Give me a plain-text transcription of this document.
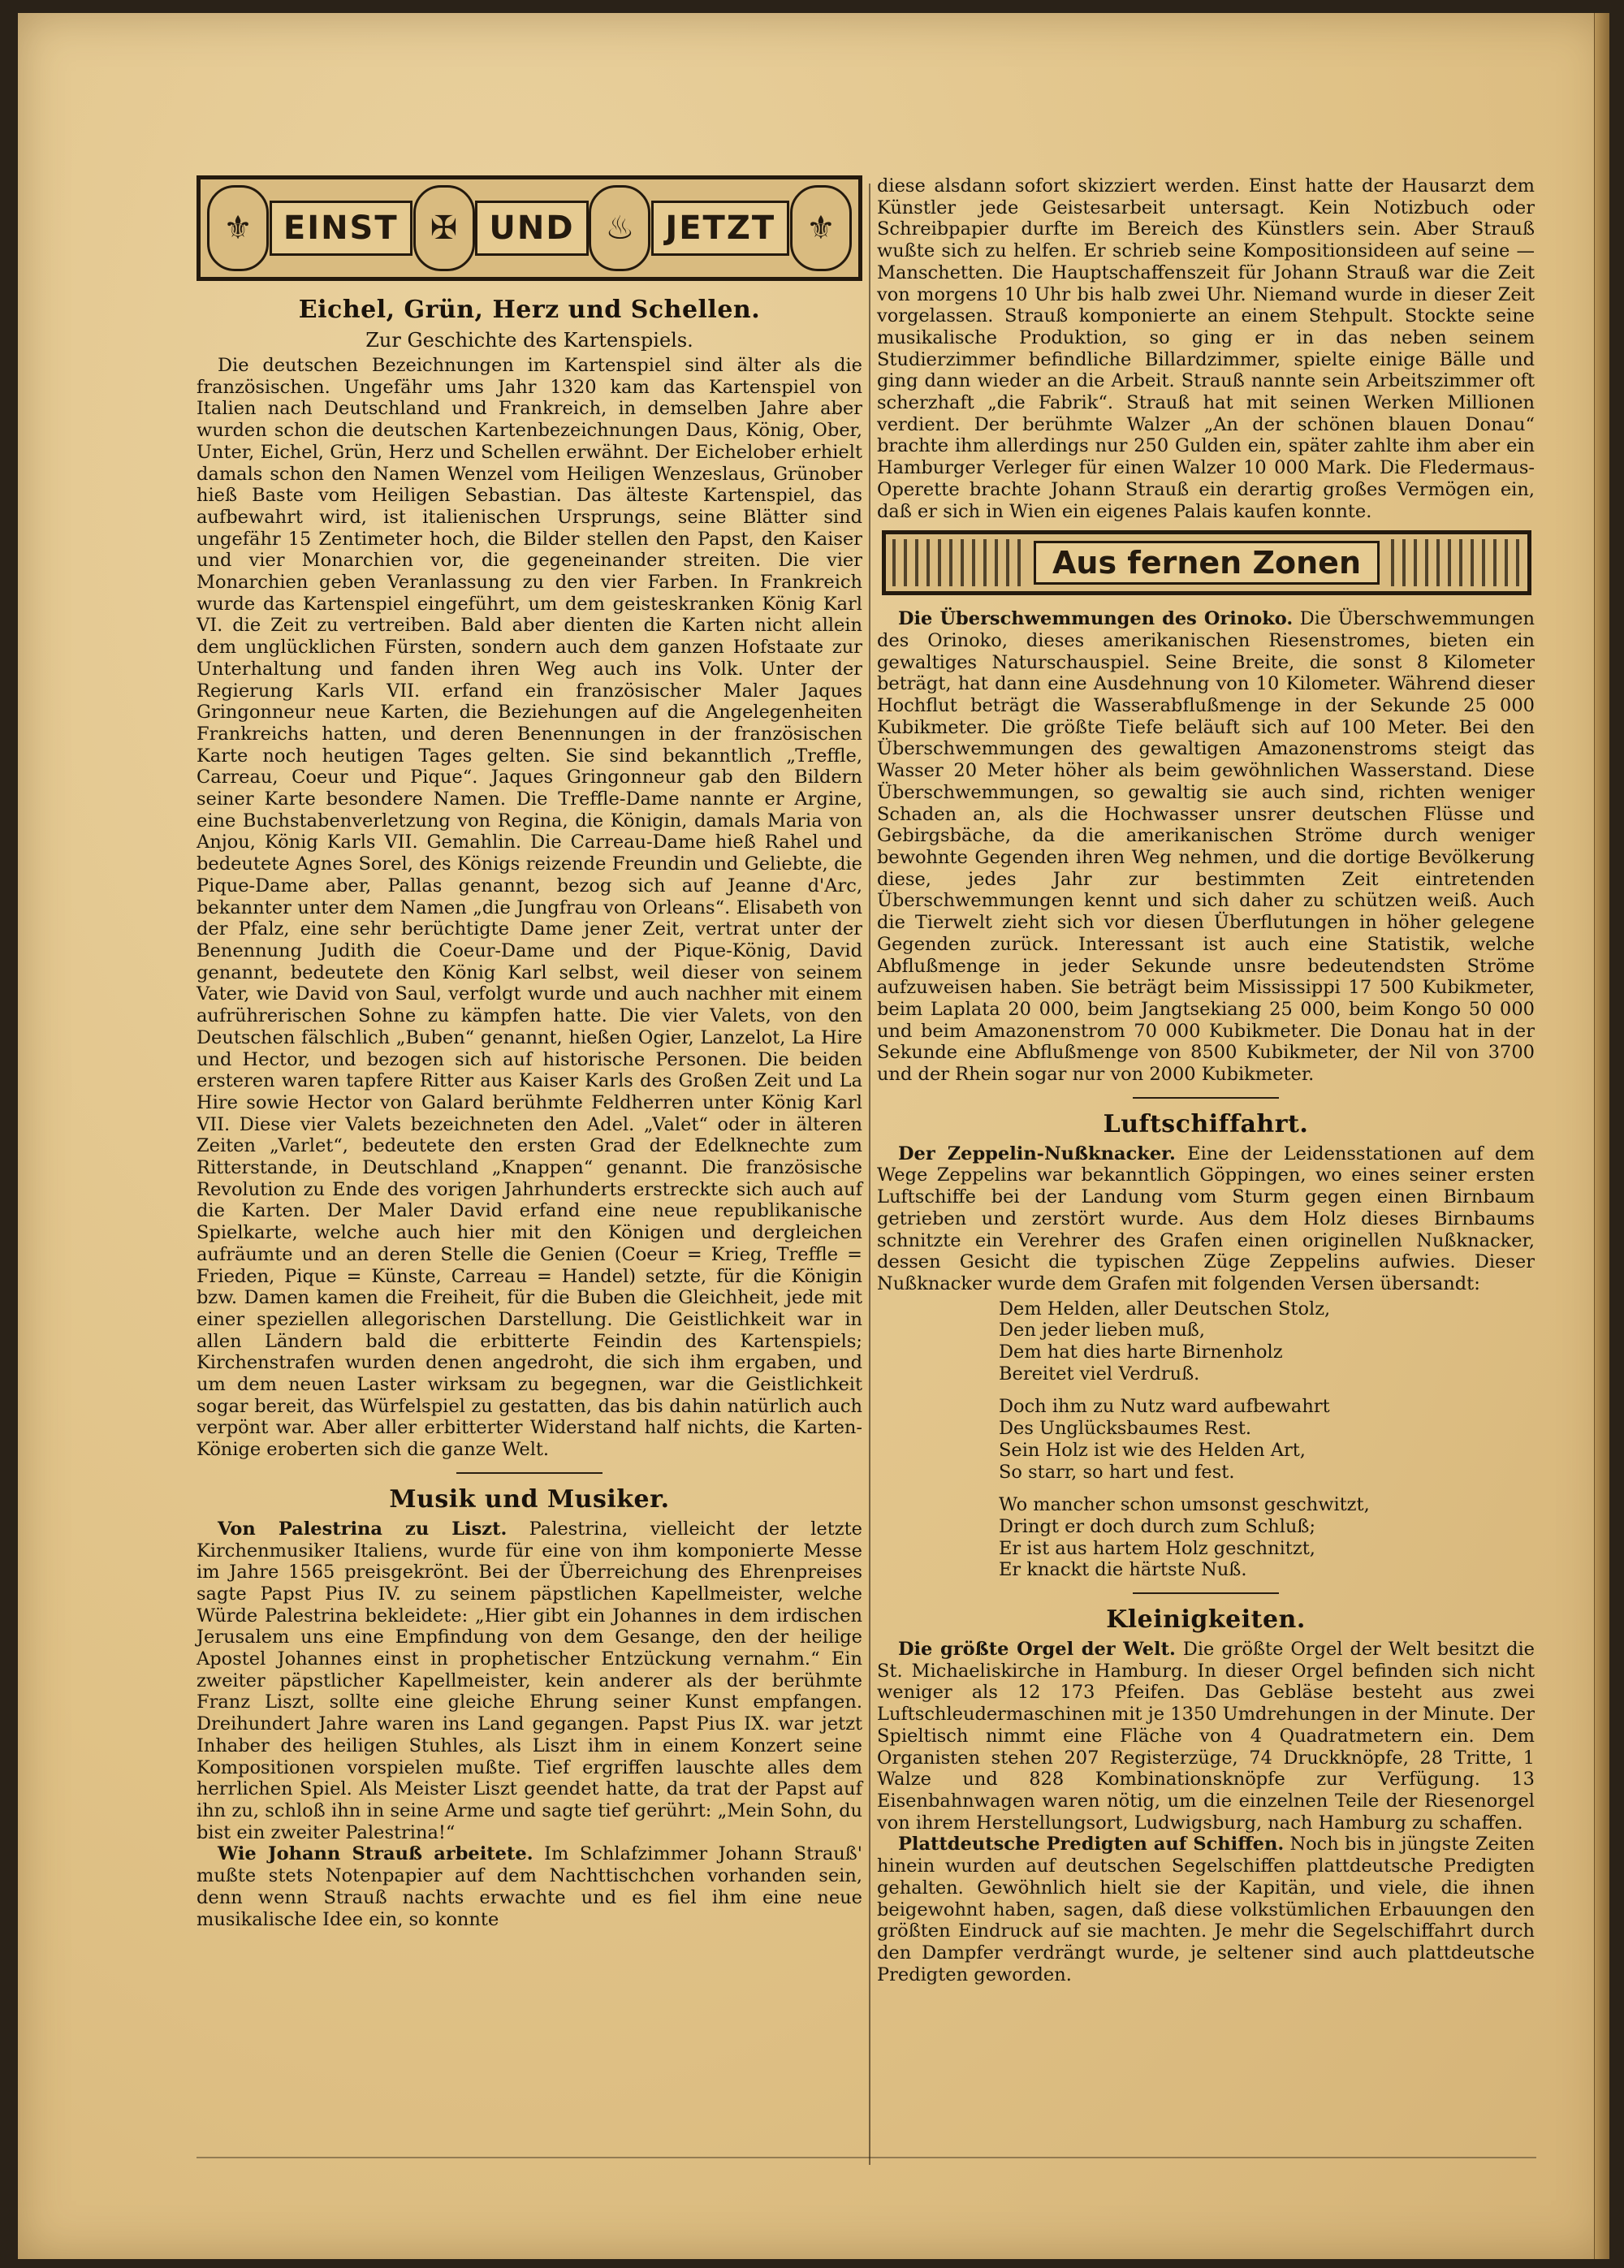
⚜ EINST ✠ UND ♨ JETZT ⚜
Eichel, Grün, Herz und Schellen.
Zur Geschichte des Kartenspiels.

Die deutschen Bezeichnungen im Kartenspiel sind älter als die französischen. Ungefähr ums Jahr 1320 kam das Kartenspiel von Italien nach Deutschland und Frankreich, in demselben Jahre aber wurden schon die deutschen Kartenbezeichnungen Daus, König, Ober, Unter, Eichel, Grün, Herz und Schellen erwähnt. Der Eichelober erhielt damals schon den Namen Wenzel vom Heiligen Wenzeslaus, Grünober hieß Baste vom Heiligen Sebastian. Das älteste Kartenspiel, das aufbewahrt wird, ist italienischen Ursprungs, seine Blätter sind ungefähr 15 Zentimeter hoch, die Bilder stellen den Papst, den Kaiser und vier Monarchien vor, die gegeneinander streiten. Die vier Monarchien geben Veranlassung zu den vier Farben. In Frankreich wurde das Kartenspiel eingeführt, um dem geisteskranken König Karl VI. die Zeit zu vertreiben. Bald aber dienten die Karten nicht allein dem unglücklichen Fürsten, sondern auch dem ganzen Hofstaate zur Unterhaltung und fanden ihren Weg auch ins Volk. Unter der Regierung Karls VII. erfand ein französischer Maler Jaques Gringonneur neue Karten, die Beziehungen auf die Angelegenheiten Frankreichs hatten, und deren Benennungen in der französischen Karte noch heutigen Tages gelten. Sie sind bekanntlich „Treffle, Carreau, Coeur und Pique“. Jaques Gringonneur gab den Bildern seiner Karte besondere Namen. Die Treffle-Dame nannte er Argine, eine Buchstabenverletzung von Regina, die Königin, damals Maria von Anjou, König Karls VII. Gemahlin. Die Carreau-Dame hieß Rahel und bedeutete Agnes Sorel, des Königs reizende Freundin und Geliebte, die Pique-Dame aber, Pallas genannt, bezog sich auf Jeanne d'Arc, bekannter unter dem Namen „die Jungfrau von Orleans“. Elisabeth von der Pfalz, eine sehr berüchtigte Dame jener Zeit, vertrat unter der Benennung Judith die Coeur-Dame und der Pique-König, David genannt, bedeutete den König Karl selbst, weil dieser von seinem Vater, wie David von Saul, verfolgt wurde und auch nachher mit einem aufrührerischen Sohne zu kämpfen hatte. Die vier Valets, von den Deutschen fälschlich „Buben“ genannt, hießen Ogier, Lanzelot, La Hire und Hector, und bezogen sich auf historische Personen. Die beiden ersteren waren tapfere Ritter aus Kaiser Karls des Großen Zeit und La Hire sowie Hector von Galard berühmte Feldherren unter König Karl VII. Diese vier Valets bezeichneten den Adel. „Valet“ oder in älteren Zeiten „Varlet“, bedeutete den ersten Grad der Edelknechte zum Ritterstande, in Deutschland „Knappen“ genannt. Die französische Revolution zu Ende des vorigen Jahrhunderts erstreckte sich auch auf die Karten. Der Maler David erfand eine neue republikanische Spielkarte, welche auch hier mit den Königen und dergleichen aufräumte und an deren Stelle die Genien (Coeur = Krieg, Treffle = Frieden, Pique = Künste, Carreau = Handel) setzte, für die Königin bzw. Damen kamen die Freiheit, für die Buben die Gleichheit, jede mit einer speziellen allegorischen Darstellung. Die Geistlichkeit war in allen Ländern bald die erbitterte Feindin des Kartenspiels; Kirchenstrafen wurden denen angedroht, die sich ihm ergaben, und um dem neuen Laster wirksam zu begegnen, war die Geistlichkeit sogar bereit, das Würfelspiel zu gestatten, das bis dahin natürlich auch verpönt war. Aber aller erbitterter Widerstand half nichts, die Karten-Könige eroberten sich die ganze Welt.

Musik und Musiker.

Von Palestrina zu Liszt. Palestrina, vielleicht der letzte Kirchenmusiker Italiens, wurde für eine von ihm komponierte Messe im Jahre 1565 preisgekrönt. Bei der Überreichung des Ehrenpreises sagte Papst Pius IV. zu seinem päpstlichen Kapellmeister, welche Würde Palestrina bekleidete: „Hier gibt ein Johannes in dem irdischen Jerusalem uns eine Empfindung von dem Gesange, den der heilige Apostel Johannes einst in prophetischer Entzückung vernahm.“ Ein zweiter päpstlicher Kapellmeister, kein anderer als der berühmte Franz Liszt, sollte eine gleiche Ehrung seiner Kunst empfangen. Dreihundert Jahre waren ins Land gegangen. Papst Pius IX. war jetzt Inhaber des heiligen Stuhles, als Liszt ihm in einem Konzert seine Kompositionen vorspielen mußte. Tief ergriffen lauschte alles dem herrlichen Spiel. Als Meister Liszt geendet hatte, da trat der Papst auf ihn zu, schloß ihn in seine Arme und sagte tief gerührt: „Mein Sohn, du bist ein zweiter Palestrina!“

Wie Johann Strauß arbeitete. Im Schlafzimmer Johann Strauß' mußte stets Notenpapier auf dem Nachttischchen vorhanden sein, denn wenn Strauß nachts erwachte und es fiel ihm eine neue musikalische Idee ein, so konnte

diese alsdann sofort skizziert werden. Einst hatte der Hausarzt dem Künstler jede Geistesarbeit untersagt. Kein Notizbuch oder Schreibpapier durfte im Bereich des Künstlers sein. Aber Strauß wußte sich zu helfen. Er schrieb seine Kompositionsideen auf seine — Manschetten. Die Hauptschaffenszeit für Johann Strauß war die Zeit von morgens 10 Uhr bis halb zwei Uhr. Niemand wurde in dieser Zeit vorgelassen. Strauß komponierte an einem Stehpult. Stockte seine musikalische Produktion, so ging er in das neben seinem Studierzimmer befindliche Billardzimmer, spielte einige Bälle und ging dann wieder an die Arbeit. Strauß nannte sein Arbeitszimmer oft scherzhaft „die Fabrik“. Strauß hat mit seinen Werken Millionen verdient. Der berühmte Walzer „An der schönen blauen Donau“ brachte ihm allerdings nur 250 Gulden ein, später zahlte ihm aber ein Hamburger Verleger für einen Walzer 10 000 Mark. Die Fledermaus-Operette brachte Johann Strauß ein derartig großes Vermögen ein, daß er sich in Wien ein eigenes Palais kaufen konnte.

Aus fernen Zonen

Die Überschwemmungen des Orinoko. Die Überschwemmungen des Orinoko, dieses amerikanischen Riesenstromes, bieten ein gewaltiges Naturschauspiel. Seine Breite, die sonst 8 Kilometer beträgt, hat dann eine Ausdehnung von 10 Kilometer. Während dieser Hochflut beträgt die Wasserabflußmenge in der Sekunde 25 000 Kubikmeter. Die größte Tiefe beläuft sich auf 100 Meter. Bei den Überschwemmungen des gewaltigen Amazonenstroms steigt das Wasser 20 Meter höher als beim gewöhnlichen Wasserstand. Diese Überschwemmungen, so gewaltig sie auch sind, richten weniger Schaden an, als die Hochwasser unsrer deutschen Flüsse und Gebirgsbäche, da die amerikanischen Ströme durch weniger bewohnte Gegenden ihren Weg nehmen, und die dortige Bevölkerung diese, jedes Jahr zur bestimmten Zeit eintretenden Überschwemmungen kennt und sich daher zu schützen weiß. Auch die Tierwelt zieht sich vor diesen Überflutungen in höher gelegene Gegenden zurück. Interessant ist auch eine Statistik, welche Abflußmenge in jeder Sekunde unsre bedeutendsten Ströme aufzuweisen haben. Sie beträgt beim Mississippi 17 500 Kubikmeter, beim Laplata 20 000, beim Jangtsekiang 25 000, beim Kongo 50 000 und beim Amazonenstrom 70 000 Kubikmeter. Die Donau hat in der Sekunde eine Abflußmenge von 8500 Kubikmeter, der Nil von 3700 und der Rhein sogar nur von 2000 Kubikmeter.

Luftschiffahrt.

Der Zeppelin-Nußknacker. Eine der Leidensstationen auf dem Wege Zeppelins war bekanntlich Göppingen, wo eines seiner ersten Luftschiffe bei der Landung vom Sturm gegen einen Birnbaum getrieben und zerstört wurde. Aus dem Holz dieses Birnbaums schnitzte ein Verehrer des Grafen einen originellen Nußknacker, dessen Gesicht die typischen Züge Zeppelins aufwies. Dieser Nußknacker wurde dem Grafen mit folgenden Versen übersandt:

Dem Helden, aller Deutschen Stolz,
Den jeder lieben muß,
Dem hat dies harte Birnenholz
Bereitet viel Verdruß.
Doch ihm zu Nutz ward aufbewahrt
Des Unglücksbaumes Rest.
Sein Holz ist wie des Helden Art,
So starr, so hart und fest.
Wo mancher schon umsonst geschwitzt,
Dringt er doch durch zum Schluß;
Er ist aus hartem Holz geschnitzt,
Er knackt die härtste Nuß.
Kleinigkeiten.

Die größte Orgel der Welt. Die größte Orgel der Welt besitzt die St. Michaeliskirche in Hamburg. In dieser Orgel befinden sich nicht weniger als 12 173 Pfeifen. Das Gebläse besteht aus zwei Luftschleudermaschinen mit je 1350 Umdrehungen in der Minute. Der Spieltisch nimmt eine Fläche von 4 Quadratmetern ein. Dem Organisten stehen 207 Registerzüge, 74 Druckknöpfe, 28 Tritte, 1 Walze und 828 Kombinationsknöpfe zur Verfügung. 13 Eisenbahnwagen waren nötig, um die einzelnen Teile der Riesenorgel von ihrem Herstellungsort, Ludwigsburg, nach Hamburg zu schaffen.

Plattdeutsche Predigten auf Schiffen. Noch bis in jüngste Zeiten hinein wurden auf deutschen Segelschiffen plattdeutsche Predigten gehalten. Gewöhnlich hielt sie der Kapitän, und viele, die ihnen beigewohnt haben, sagen, daß diese volkstümlichen Erbauungen den größten Eindruck auf sie machten. Je mehr die Segelschiffahrt durch den Dampfer verdrängt wurde, je seltener sind auch plattdeutsche Predigten geworden.
